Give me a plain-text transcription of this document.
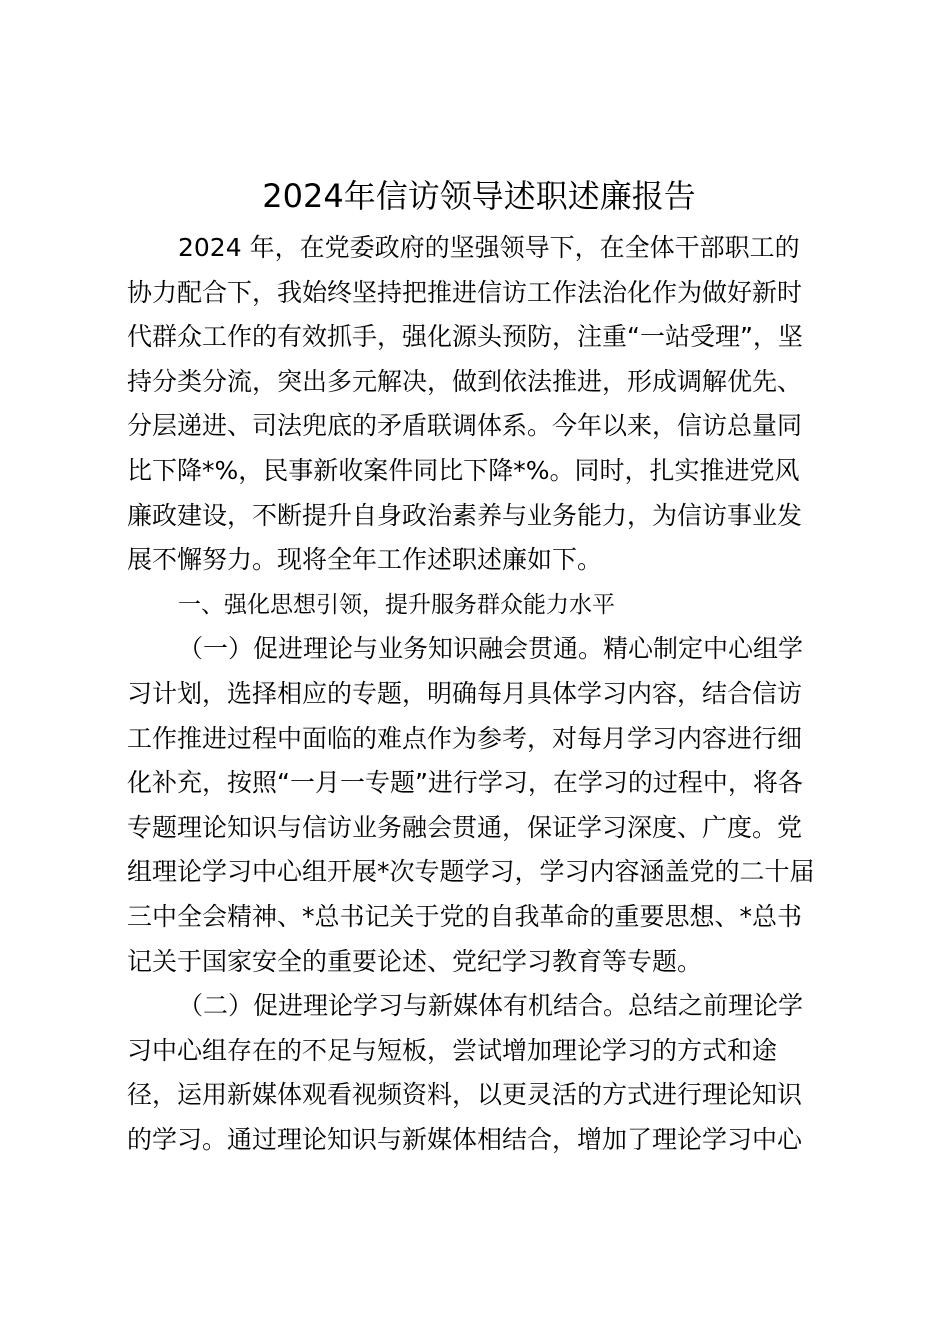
2024年信访领导述职述廉报告
2024 年，在党委政府的坚强领导下，在全体干部职工的
协力配合下，我始终坚持把推进信访工作法治化作为做好新时
代群众工作的有效抓手，强化源头预防，注重“一站受理”，坚
持分类分流，突出多元解决，做到依法推进，形成调解优先、
分层递进、司法兜底的矛盾联调体系。今年以来，信访总量同
比下降*%，民事新收案件同比下降*%。同时，扎实推进党风
廉政建设，不断提升自身政治素养与业务能力，为信访事业发
展不懈努力。现将全年工作述职述廉如下。
一、强化思想引领，提升服务群众能力水平
（一）促进理论与业务知识融会贯通。精心制定中心组学
习计划，选择相应的专题，明确每月具体学习内容，结合信访
工作推进过程中面临的难点作为参考，对每月学习内容进行细
化补充，按照“一月一专题”进行学习，在学习的过程中，将各
专题理论知识与信访业务融会贯通，保证学习深度、广度。党
组理论学习中心组开展*次专题学习，学习内容涵盖党的二十届
三中全会精神、*总书记关于党的自我革命的重要思想、*总书
记关于国家安全的重要论述、党纪学习教育等专题。
（二）促进理论学习与新媒体有机结合。总结之前理论学
习中心组存在的不足与短板，尝试增加理论学习的方式和途
径，运用新媒体观看视频资料，以更灵活的方式进行理论知识
的学习。通过理论知识与新媒体相结合，增加了理论学习中心
